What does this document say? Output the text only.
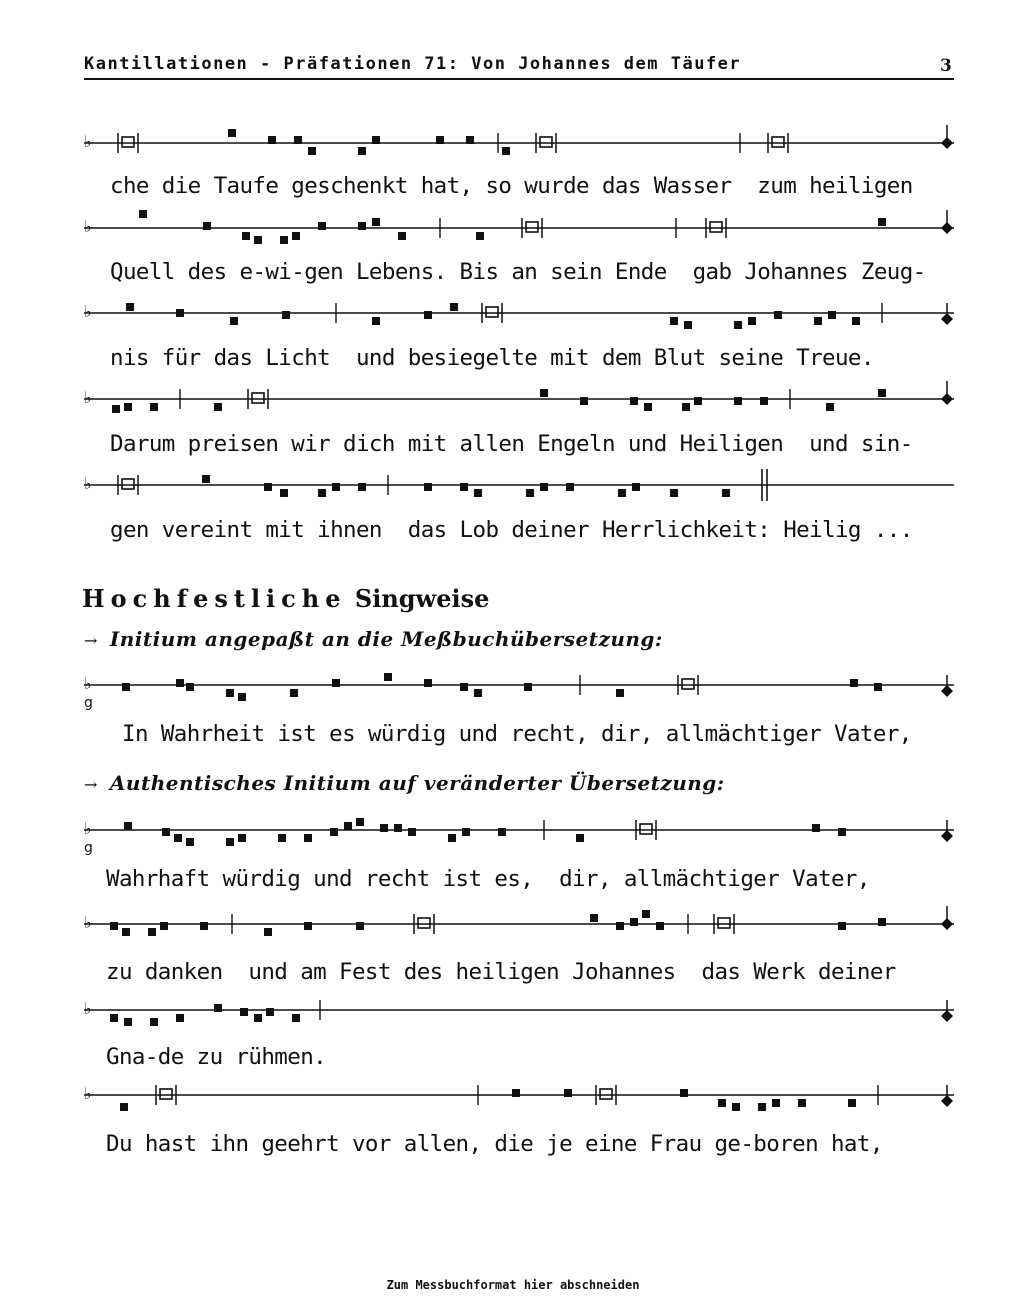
Kantillationen - Präfationen 71: Von Johannes dem Täufer	3
♭
♭
♭
♭
♭
♭
g
♭
g
♭
♭
♭
che die Taufe geschenkt hat, so wurde das Wasser  zum heiligen
Quell des e-wi-gen Lebens. Bis an sein Ende  gab Johannes Zeug-
nis für das Licht  und besiegelte mit dem Blut seine Treue.
Darum preisen wir dich mit allen Engeln und Heiligen  und sin-
gen vereint mit ihnen  das Lob deiner Herrlichkeit: Heilig ...
Hochfestliche Singweise
→ Initium angepaßt an die Meßbuchübersetzung:
In Wahrheit ist es würdig und recht, dir, allmächtiger Vater,
→ Authentisches Initium auf veränderter Übersetzung:
Wahrhaft würdig und recht ist es,  dir, allmächtiger Vater,
zu danken  und am Fest des heiligen Johannes  das Werk deiner
Gna-de zu rühmen.
Du hast ihn geehrt vor allen, die je eine Frau ge-boren hat,
Zum Messbuchformat hier abschneiden
